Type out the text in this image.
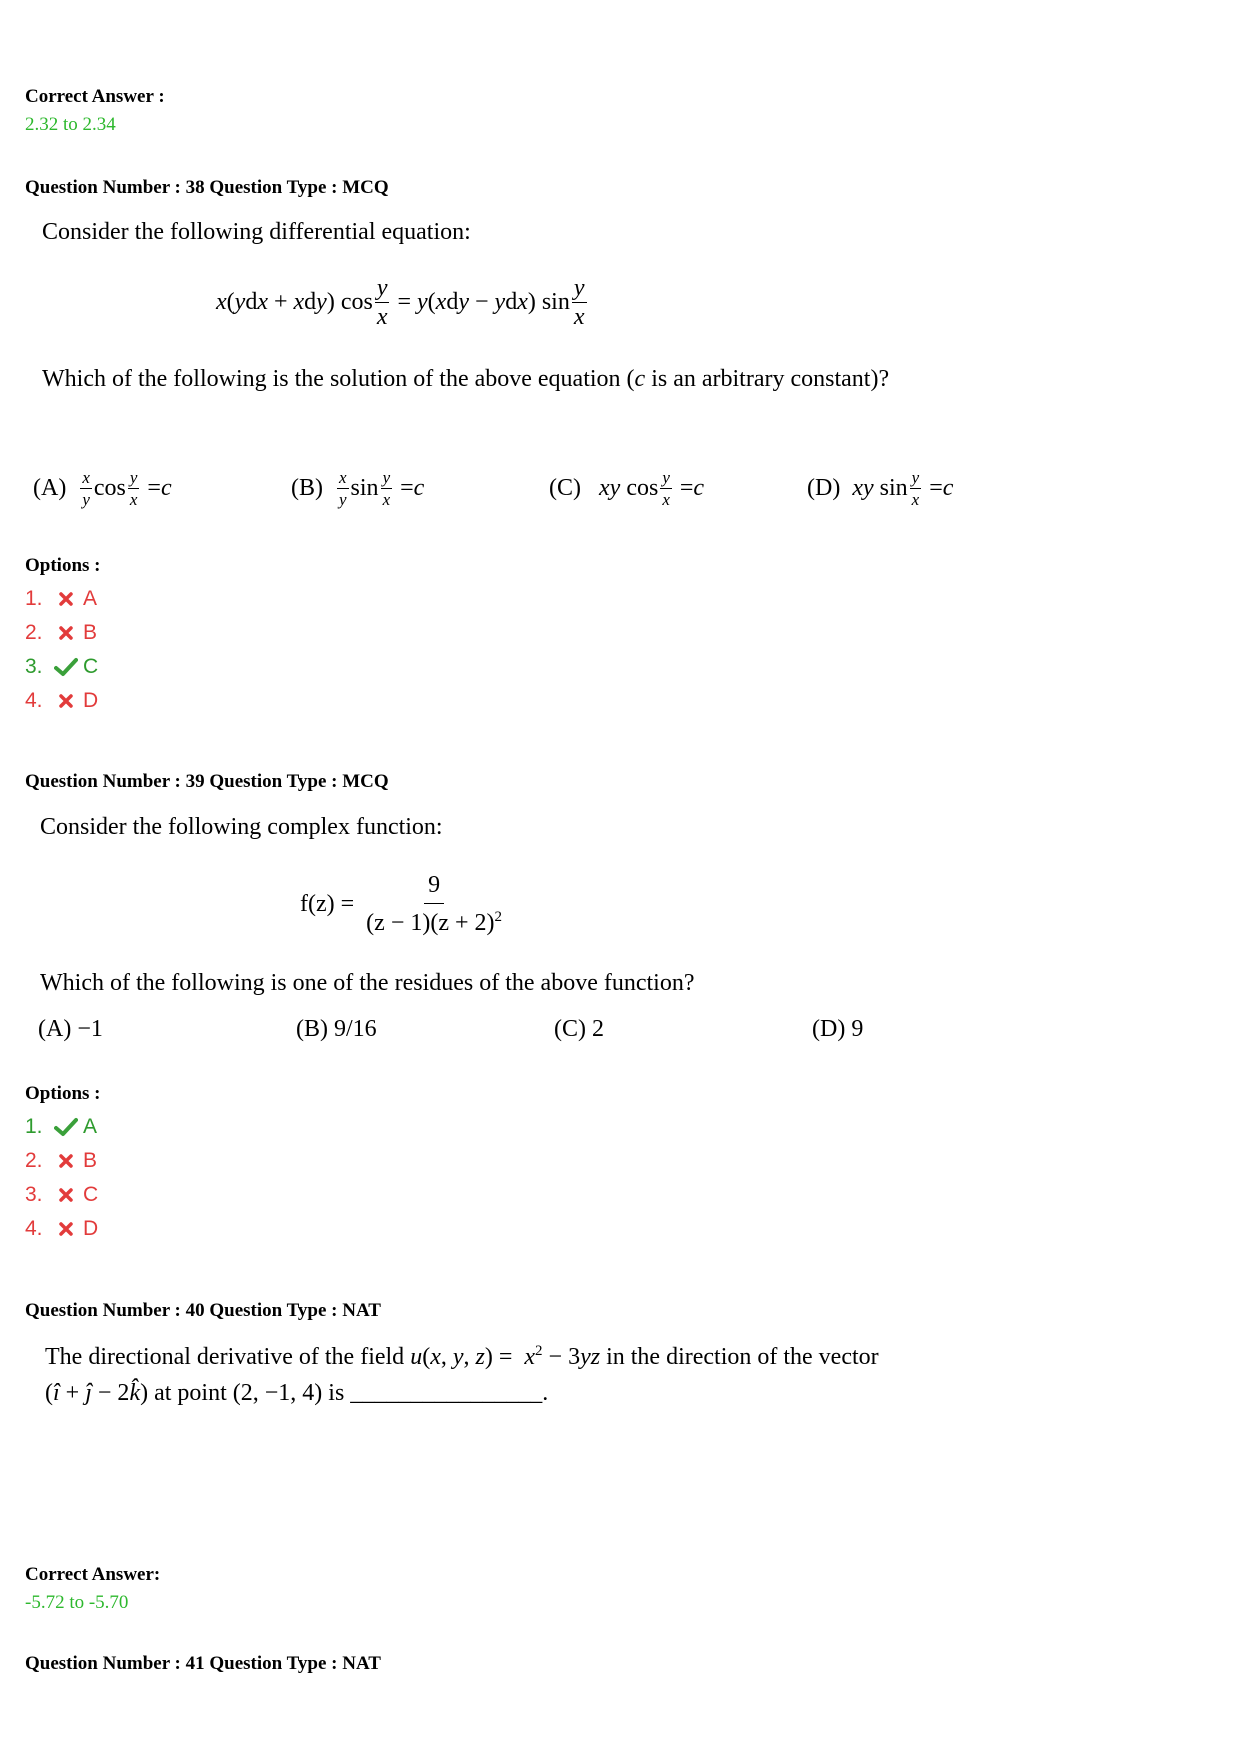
Correct Answer :
2.32 to 2.34
Question Number : 38 Question Type : MCQ
Consider the following differential equation:
x(ydx + xdy) $\cos \frac{y}{x} = y(xdy - ydx)$ $\sin \frac{y}{x}$
Which of the following is the solution of the above equation (c is an arbitrary constant)?
(A)
$\frac{x}{y}$ $\cos \frac{y}{x} = c$	(B)
$\frac{x}{y}$ $\sin \frac{y}{x} = c$	(C)
xy $\cos \frac{y}{x} = c$	(D)
xy $\sin \frac{y}{x} = c$
Options :
1.	A
2.	B
3.	C
4.	D
Question Number : 39 Question Type : MCQ
Consider the following complex function:
$f(z) = \frac{9}{(z - 1)(z + 2)^2}$
Which of the following is one of the residues of the above function?
(A) −1	(B) 9/16	(C) 2	(D) 9
Options :
1.	A
2.	B
3.	C
4.	D
Question Number : 40 Question Type : NAT
The directional derivative of the field u(x, y, $z) = x^2 - 3yz$ in the direction of the vector
(î + ĵ − 2k̂) at point (2, −1, 4) is ________________.
Correct Answer:
-5.72 to -5.70
Question Number : 41 Question Type : NAT
